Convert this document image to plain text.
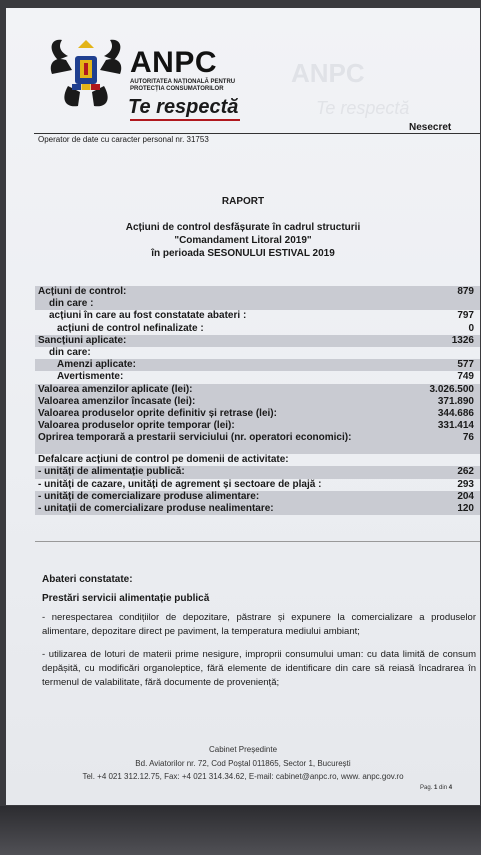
ANPC
Te respectă
ANPC
AUTORITATEA NAȚIONALĂ PENTRU PROTECȚIA CONSUMATORILOR
Te respectă
Nesecret
Operator de date cu caracter personal nr. 31753
RAPORT
Acțiuni de control desfășurate în cadrul structurii
"Comandament Litoral 2019"
în perioada SESONULUI ESTIVAL 2019
Acțiuni de control:	879
din care :
acțiuni în care au fost constatate abateri :	797
acțiuni de control nefinalizate :	0
Sancțiuni aplicate:	1326
din care:
Amenzi aplicate:	577
Avertismente:	749
Valoarea amenzilor aplicate (lei):	3.026.500
Valoarea amenzilor încasate (lei):	371.890
Valoarea produselor oprite definitiv și retrase (lei):	344.686
Valoarea produselor oprite temporar (lei):	331.414
Oprirea temporară a prestarii serviciului (nr. operatori economici):	76
Defalcare acțiuni de control pe domenii de activitate:
- unități de alimentație publică:	262
- unități de cazare, unități de agrement și sectoare de plajă :	293
- unități de comercializare produse alimentare:	204
- unitații de comercializare produse nealimentare:	120
Abateri constatate:
Prestări servicii alimentație publică
- nerespectarea condițiilor de depozitare, păstrare și expunere la comercializare a produselor alimentare, depozitare direct pe paviment, la temperatura mediului ambiant;
- utilizarea de loturi de materii prime nesigure, improprii consumului uman: cu data limită de consum depășită, cu modificări organoleptice, fără elemente de identificare din care să reiasă încadrarea în termenul de valabilitate, fără documente de proveniență;
Cabinet Președinte
Bd. Aviatorilor nr. 72, Cod Poștal 011865, Sector 1, București
Tel. +4 021 312.12.75, Fax: +4 021 314.34.62, E-mail: cabinet@anpc.ro, www. anpc.gov.ro
Pag. 1 din 4
